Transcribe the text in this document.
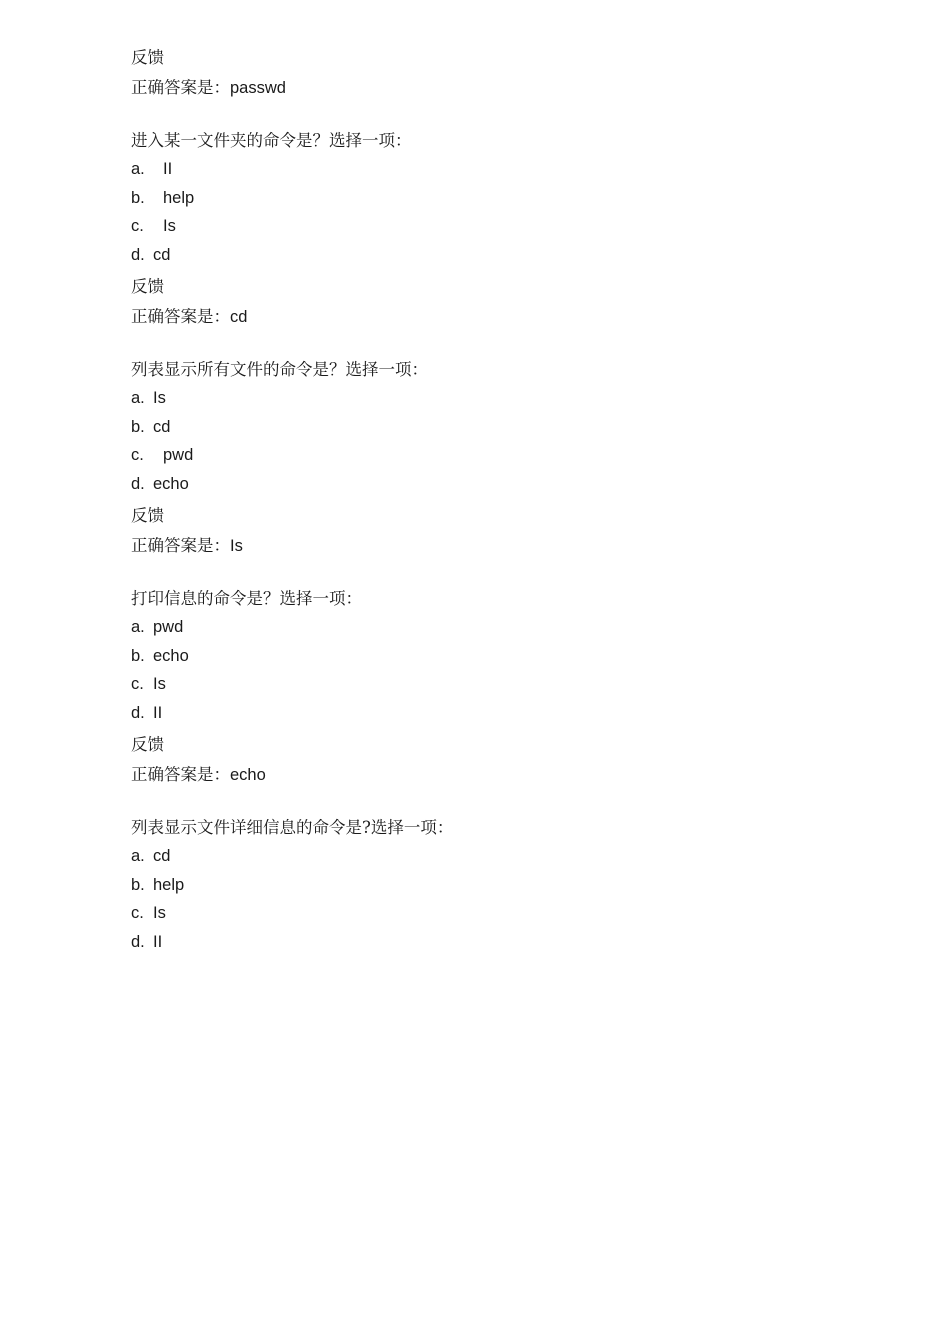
反馈
正确答案是：passwd
进入某一文件夹的命令是？选择一项：
a.	II
b.	help
c.	Is
d. cd
反馈
正确答案是：cd
列表显示所有文件的命令是？选择一项：
a. Is
b. cd
c.	pwd
d. echo
反馈
正确答案是：Is
打印信息的命令是？选择一项：
a. pwd
b. echo
c. Is
d. II
反馈
正确答案是：echo
列表显示文件详细信息的命令是?选择一项：
a. cd
b. help
c. Is
d. II
